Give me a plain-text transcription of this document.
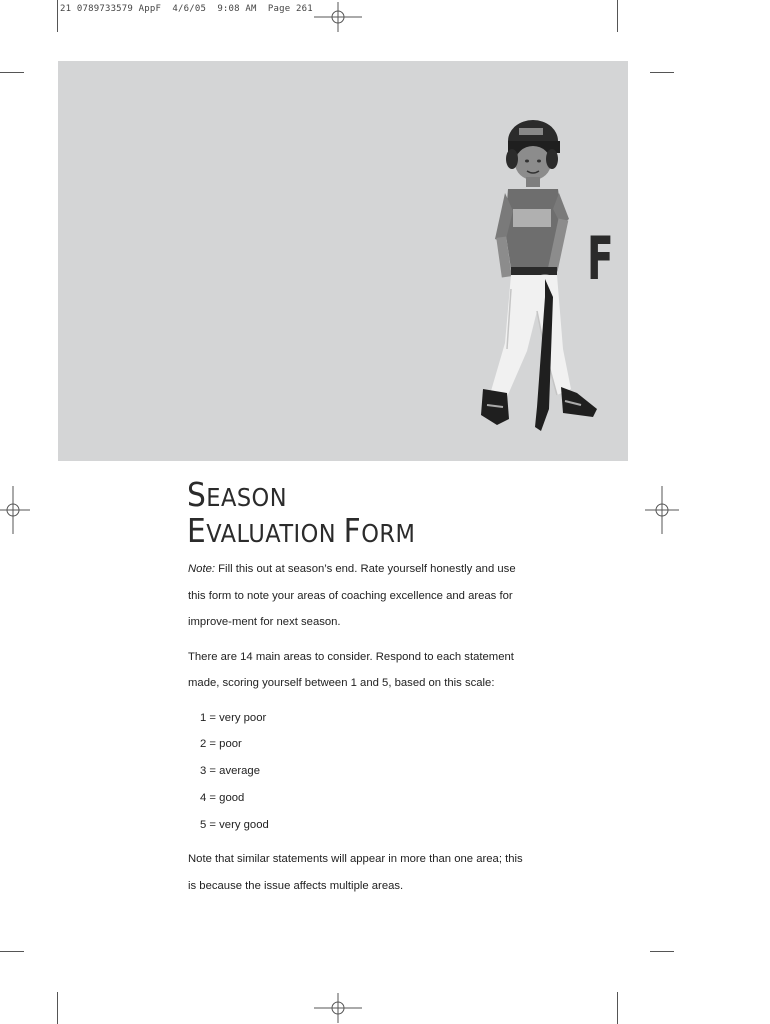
21 0789733579 AppF  4/6/05  9:08 AM  Page 261
F
SEASON
EVALUATION FORM

Note: Fill this out at season’s end. Rate yourself honestly and use this form to note your areas of coaching excellence and areas for improve-ment for next season.

There are 14 main areas to consider. Respond to each statement made, scoring yourself between 1 and 5, based on this scale:

1 = very poor

2 = poor

3 = average

4 = good

5 = very good

Note that similar statements will appear in more than one area; this is because the issue affects multiple areas.
